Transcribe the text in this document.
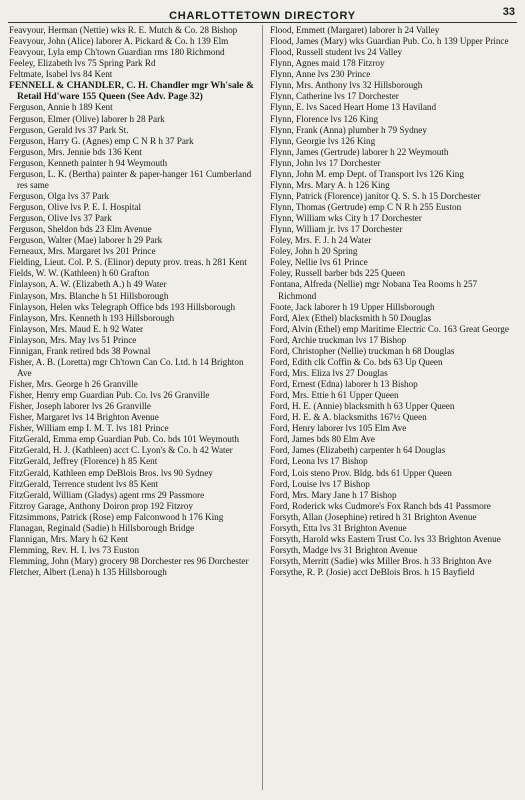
CHARLOTTETOWN DIRECTORY	33
Feavyour, Herman (Nettie) wks R. E. Mutch & Co. 28 Bishop
Feavyour, John (Alice) laborer A. Pickard & Co. h 139 Elm
Feavyour, Lyla emp Ch'town Guardian rms 180 Richmond
Feeley, Elizabeth lvs 75 Spring Park Rd
Feltmate, Isabel lvs 84 Kent
FENNELL & CHANDLER, C. H. Chandler mgr Wh'sale & Retail Hd'ware 155 Queen (See Adv. Page 32)
Ferguson, Annie h 189 Kent
Ferguson, Elmer (Olive) laborer h 28 Park
Ferguson, Gerald lvs 37 Park St.
Ferguson, Harry G. (Agnes) emp C N R h 37 Park
Ferguson, Mrs. Jennie bds 136 Kent
Ferguson, Kenneth painter h 94 Weymouth
Ferguson, L. K. (Bertha) painter & paper-hanger 161 Cumberland res same
Ferguson, Olga lvs 37 Park
Ferguson, Olive lvs P. E. I. Hospital
Ferguson, Olive lvs 37 Park
Ferguson, Sheldon bds 23 Elm Avenue
Ferguson, Walter (Mae) laborer h 29 Park
Ferneaux, Mrs. Margaret lvs 201 Prince
Fielding, Lieut. Col. P. S. (Elinor) deputy prov. treas. h 281 Kent
Fields, W. W. (Kathleen) h 60 Grafton
Finlayson, A. W. (Elizabeth A.) h 49 Water
Finlayson, Mrs. Blanche h 51 Hillsborough
Finlayson, Helen wks Telegraph Office bds 193 Hillsborough
Finlayson, Mrs. Kenneth h 193 Hillsborough
Finlayson, Mrs. Maud E. h 92 Water
Finlayson, Mrs. May lvs 51 Prince
Finnigan, Frank retired bds 38 Pownal
Fisher, A. B. (Loretta) mgr Ch'town Can Co. Ltd. h 14 Brighton Ave
Fisher, Mrs. George h 26 Granville
Fisher, Henry emp Guardian Pub. Co. lvs 26 Granville
Fisher, Joseph laborer lvs 26 Granville
Fisher, Margaret lvs 14 Brighton Avenue
Fisher, William emp I. M. T. lvs 181 Prince
FitzGerald, Emma emp Guardian Pub. Co. bds 101 Weymouth
FitzGerald, H. J. (Kathleen) acct C. Lyon's & Co. h 42 Water
FitzGerald, Jeffrey (Florence) h 85 Kent
FitzGerald, Kathleen emp DeBlois Bros. lvs 90 Sydney
FitzGerald, Terrence student lvs 85 Kent
FitzGerald, William (Gladys) agent rms 29 Passmore
Fitzroy Garage, Anthony Doiron prop 192 Fitzroy
Fitzsimmons, Patrick (Rose) emp Falconwood h 176 King
Flanagan, Reginald (Sadie) h Hillsborough Bridge
Flannigan, Mrs. Mary h 62 Kent
Flemming, Rev. H. I. lvs 73 Euston
Flemming, John (Mary) grocery 98 Dorchester res 96 Dorchester
Fletcher, Albert (Lena) h 135 Hillsborough
Flood, Emmett (Margaret) laborer h 24 Valley
Flood, James (Mary) wks Guardian Pub. Co. h 139 Upper Prince
Flood, Russell student lvs 24 Valley
Flynn, Agnes maid 178 Fitzroy
Flynn, Anne lvs 230 Prince
Flynn, Mrs. Anthony lvs 32 Hillsborough
Flynn, Catherine lvs 17 Dorchester
Flynn, E. lvs Saced Heart Home 13 Haviland
Flynn, Florence lvs 126 King
Flynn, Frank (Anna) plumber h 79 Sydney
Flynn, Georgie lvs 126 King
Flynn, James (Gertrude) laborer h 22 Weymouth
Flynn, John lvs 17 Dorchester
Flynn, John M. emp Dept. of Transport lvs 126 King
Flynn, Mrs. Mary A. h 126 King
Flynn, Patrick (Florence) janitor Q. S. S. h 15 Dorchester
Flynn, Thomas (Gertrude) emp C N R h 255 Euston
Flynn, William wks City h 17 Dorchester
Flynn, William jr. lvs 17 Dorchester
Foley, Mrs. F. J. h 24 Water
Foley, John h 20 Spring
Foley, Nellie lvs 61 Prince
Foley, Russell barber bds 225 Queen
Fontana, Alfreda (Nellie) mgr Nobana Tea Rooms h 257 Richmond
Foote, Jack laborer h 19 Upper Hillsborough
Ford, Alex (Ethel) blacksmith h 50 Douglas
Ford, Alvin (Ethel) emp Maritime Electric Co. 163 Great George
Ford, Archie truckman lvs 17 Bishop
Ford, Christopher (Nellie) truckman h 68 Douglas
Ford, Edith clk Coffin & Co. bds 63 Up Queen
Ford, Mrs. Eliza lvs 27 Douglas
Ford, Ernest (Edna) laborer h 13 Bishop
Ford, Mrs. Ettie h 61 Upper Queen
Ford, H. E. (Annie) blacksmith h 63 Upper Queen
Ford, H. E. & A. blacksmiths 167½ Queen
Ford, Henry laborer lvs 105 Elm Ave
Ford, James bds 80 Elm Ave
Ford, James (Elizabeth) carpenter h 64 Douglas
Ford, Leona lvs 17 Bishop
Ford, Lois steno Prov. Bldg. bds 61 Upper Queen
Ford, Louise lvs 17 Bishop
Ford, Mrs. Mary Jane h 17 Bishop
Ford, Roderick wks Cudmore's Fox Ranch bds 41 Passmore
Forsyth, Allan (Josephine) retired h 31 Brighton Avenue
Forsyth, Etta lvs 31 Brighton Avenue
Forsyth, Harold wks Eastern Trust Co. lvs 33 Brighton Avenue
Forsyth, Madge lvs 31 Brighton Avenue
Forsyth, Merritt (Sadie) wks Miller Bros. h 33 Brighton Ave
Forsythe, R. P. (Josie) acct DeBlois Bros. h 15 Bayfield
